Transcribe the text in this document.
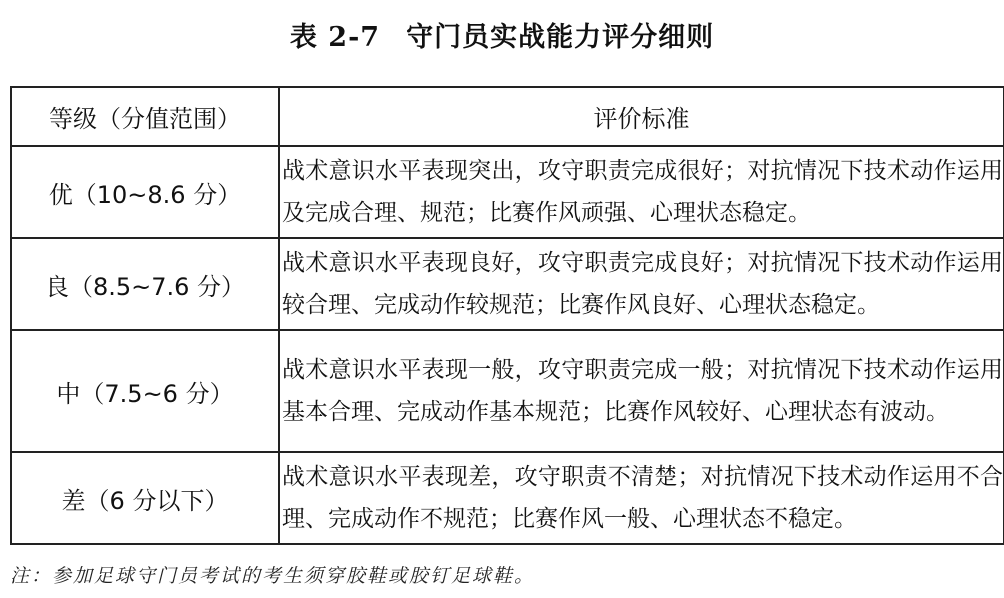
表 2-7 守门员实战能力评分细则
等级（分值范围）	评价标准
优（10~8.6 分）	战术意识水平表现突出，攻守职责完成很好；对抗情况下技术动作运用及完成合理、规范；比赛作风顽强、心理状态稳定。
良（8.5~7.6 分）	战术意识水平表现良好，攻守职责完成良好；对抗情况下技术动作运用较合理、完成动作较规范；比赛作风良好、心理状态稳定。
中（7.5~6 分）	战术意识水平表现一般，攻守职责完成一般；对抗情况下技术动作运用基本合理、完成动作基本规范；比赛作风较好、心理状态有波动。
差（6 分以下）	战术意识水平表现差，攻守职责不清楚；对抗情况下技术动作运用不合理、完成动作不规范；比赛作风一般、心理状态不稳定。
注：参加足球守门员考试的考生须穿胶鞋或胶钉足球鞋。
